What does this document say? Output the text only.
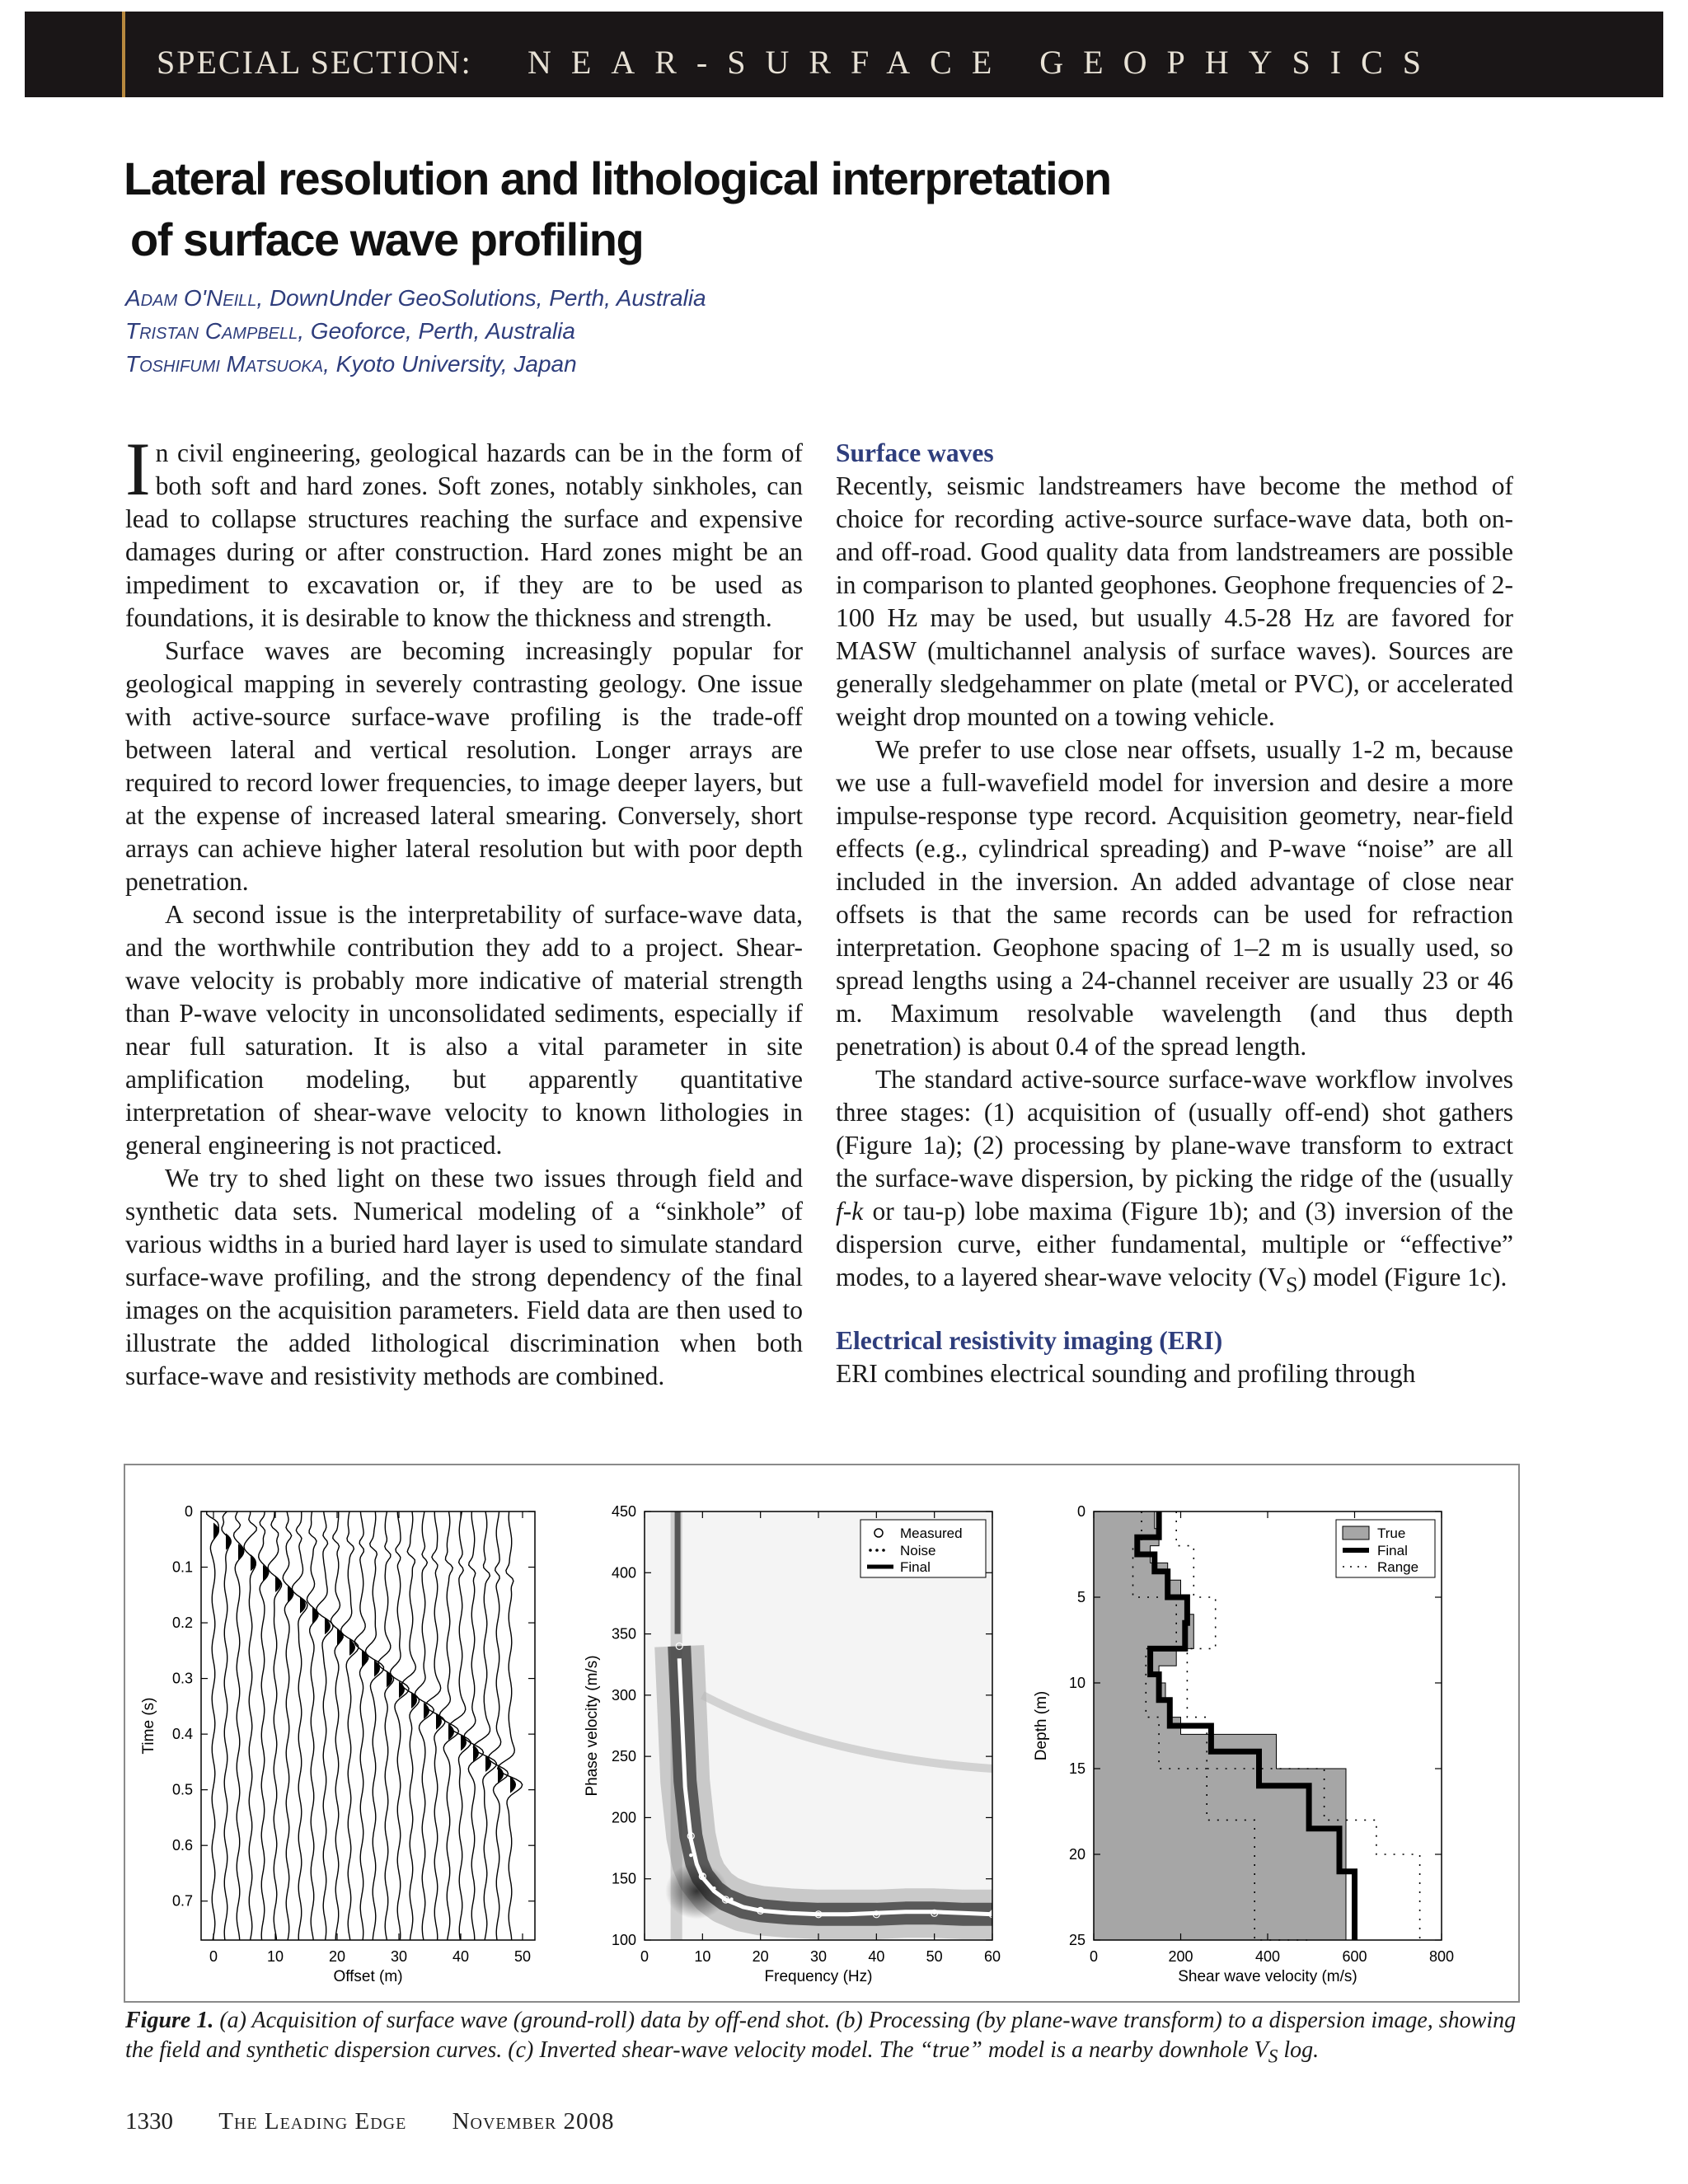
SPECIAL SECTION: NEAR-SURFACE GEOPHYSICS
Lateral resolution and lithological interpretation
of surface wave profiling
Adam O'Neill, DownUnder GeoSolutions, Perth, Australia
Tristan Campbell, Geoforce, Perth, Australia
Toshifumi Matsuoka, Kyoto University, Japan

In civil engineering, geological hazards can be in the form of both soft and hard zones. Soft zones, notably sinkholes, can lead to collapse structures reaching the surface and expensive damages during or after construction. Hard zones might be an impediment to excavation or, if they are to be used as foundations, it is desirable to know the thickness and strength.

Surface waves are becoming increasingly popular for geological mapping in severely contrasting geology. One issue with active-source surface-wave profiling is the trade-off between lateral and vertical resolution. Longer arrays are required to record lower frequencies, to image deeper layers, but at the expense of increased lateral smearing. Conversely, short arrays can achieve higher lateral resolution but with poor depth penetration.

A second issue is the interpretability of surface-wave data, and the worthwhile contribution they add to a project. Shear-wave velocity is probably more indicative of material strength than P-wave velocity in unconsolidated sediments, especially if near full saturation. It is also a vital parameter in site amplification modeling, but apparently quantitative interpretation of shear-wave velocity to known lithologies in general engineering is not practiced.

We try to shed light on these two issues through field and synthetic data sets. Numerical modeling of a “sinkhole” of various widths in a buried hard layer is used to simulate standard surface-wave profiling, and the strong dependency of the final images on the acquisition parameters. Field data are then used to illustrate the added lithological discrimination when both surface-wave and resistivity methods are combined.

Surface waves

Recently, seismic landstreamers have become the method of choice for recording active-source surface-wave data, both on- and off-road. Good quality data from landstreamers are possible in comparison to planted geophones. Geophone frequencies of 2-100 Hz may be used, but usually 4.5-28 Hz are favored for MASW (multichannel analysis of surface waves). Sources are generally sledgehammer on plate (metal or PVC), or accelerated weight drop mounted on a towing vehicle.

We prefer to use close near offsets, usually 1-2 m, because we use a full-wavefield model for inversion and desire a more impulse-response type record. Acquisition geometry, near-field effects (e.g., cylindrical spreading) and P-wave “noise” are all included in the inversion. An added advantage of close near offsets is that the same records can be used for refraction interpretation. Geophone spacing of 1–2 m is usually used, so spread lengths using a 24-channel receiver are usually 23 or 46 m. Maximum resolvable wavelength (and thus depth penetration) is about 0.4 of the spread length.

The standard active-source surface-wave workflow involves three stages: (1) acquisition of (usually off-end) shot gathers (Figure 1a); (2) processing by plane-wave transform to extract the surface-wave dispersion, by picking the ridge of the (usually f-k or tau-p) lobe maxima (Figure 1b); and (3) inversion of the dispersion curve, either fundamental, multiple or “effective” modes, to a layered shear-wave velocity $(V_S)$ model (Figure 1c).

Electrical resistivity imaging (ERI)

ERI combines electrical sounding and profiling through

0	10	20	30	40	50
0
0.1
0.2
0.3
0.4
0.5
0.6
0.7
Offset (m)
Time (s)
0	10	20	30	40	50	60
100
150
200
250
300
350
400
450
Frequency (Hz)
Phase velocity (m/s)
Measured
Noise
Final
0	200	400	600	800
0
5
10
15
20
25
Shear wave velocity (m/s)
Depth (m)
True
Final
Range
Figure 1. (a) Acquisition of surface wave (ground-roll) data by off-end shot. (b) Processing (by plane-wave transform) to a dispersion image, showing the field and synthetic dispersion curves. (c) Inverted shear-wave velocity model. The “true” model is a nearby downhole $V_S$ log.
1330 The Leading Edge November 2008
